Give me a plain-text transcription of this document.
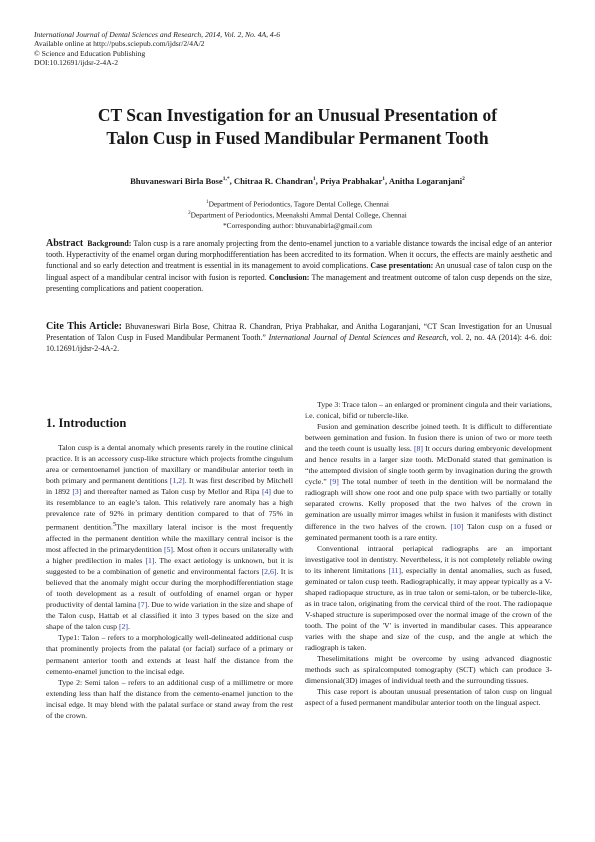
International Journal of Dental Sciences and Research, 2014, Vol. 2, No. 4A, 4-6
Available online at http://pubs.sciepub.com/ijdsr/2/4A/2
© Science and Education Publishing
DOI:10.12691/ijdsr-2-4A-2
CT Scan Investigation for an Unusual Presentation of
Talon Cusp in Fused Mandibular Permanent Tooth
Bhuvaneswari Birla Bose$^{1,*}$, Chitraa R. Chandran$^1$, Priya Prabhakar$^1$, Anitha Logaranjani$^2$
$^1$Department of Periodontics, Tagore Dental College, Chennai
$^2$Department of Periodontics, Meenakshi Ammal Dental College, Chennai
*Corresponding author: bhuvanabirla@gmail.com
Abstract Background: Talon cusp is a rare anomaly projecting from the dento-enamel junction to a variable distance towards the incisal edge of an anterior tooth. Hyperactivity of the enamel organ during morphodifferentiation has been accredited to its formation. When it occurs, the effects are mainly aesthetic and functional and so early detection and treatment is essential in its management to avoid complications. Case presentation: An unusual case of talon cusp on the lingual aspect of a mandibular central incisor with fusion is reported. Conclusion: The management and treatment outcome of talon cusp depends on the size, presenting complications and patient cooperation.
Cite This Article: Bhuvaneswari Birla Bose, Chitraa R. Chandran, Priya Prabhakar, and Anitha Logaranjani, “CT Scan Investigation for an Unusual Presentation of Talon Cusp in Fused Mandibular Permanent Tooth.” International Journal of Dental Sciences and Research, vol. 2, no. 4A (2014): 4-6. doi: 10.12691/ijdsr-2-4A-2.
1. Introduction

Talon cusp is a dental anomaly which presents rarely in the routine clinical practice. It is an accessory cusp-like structure which projects fromthe cingulum area or cementoenamel junction of maxillary or mandibular anterior teeth in both primary and permanent dentitions [1,2]. It was first described by Mitchell in 1892 [3] and thereafter named as Talon cusp by Mellor and Ripa [4] due to its resemblance to an eagle’s talon. This relatively rare anomaly has a high prevalence rate of 92% in primary dentition compared to that of 75% in permanent dentition.$^5$The maxillary lateral incisor is the most frequently affected in the permanent dentition while the maxillary central incisor is the most affected in the primarydentition [5]. Most often it occurs unilaterally with a higher predilection in males [1]. The exact aetiology is unknown, but it is suggested to be a combination of genetic and environmental factors [2,6]. It is believed that the anomaly might occur during the morphodifferentiation stage of tooth development as a result of outfolding of enamel organ or hyper productivity of dental lamina [7]. Due to wide variation in the size and shape of the Talon cusp, Hattab et al classified it into 3 types based on the size and shape of the talon cusp [2].

Type1: Talon – refers to a morphologically well-delineated additional cusp that prominently projects from the palatal (or facial) surface of a primary or permanent anterior tooth and extends at least half the distance from the cemento-enamel junction to the incisal edge.

Type 2: Semi talon – refers to an additional cusp of a millimetre or more extending less than half the distance from the cemento-enamel junction to the incisal edge. It may blend with the palatal surface or stand away from the rest of the crown.

Type 3: Trace talon – an enlarged or prominent cingula and their variations, i.e. conical, bifid or tubercle-like.

Fusion and gemination describe joined teeth. It is difficult to differentiate between gemination and fusion. In fusion there is union of two or more teeth and the teeth count is usually less. [8] It occurs during embryonic development and hence results in a larger size tooth. McDonald stated that gemination is “the attempted division of single tooth germ by invagination during the growth cycle.” [9] The total number of teeth in the dentition will be normaland the radiograph will show one root and one pulp space with two partially or totally separated crowns. Kelly proposed that the two halves of the crown in gemination are usually mirror images whilst in fusion it manifests with distinct difference in the two halves of the crown. [10] Talon cusp on a fused or geminated permanent tooth is a rare entity.

Conventional intraoral periapical radiographs are an important investigative tool in dentistry. Nevertheless, it is not completely reliable owing to its inherent limitations [11], especially in dental anomalies, such as fused, geminated or talon cusp teeth. Radiographically, it may appear typically as a V-shaped radiopaque structure, as in true talon or semi-talon, or be tubercle-like, as in trace talon, originating from the cervical third of the root. The radiopaque V-shaped structure is superimposed over the normal image of the crown of the tooth. The point of the 'V' is inverted in mandibular cases. This appearance varies with the shape and size of the cusp, and the angle at which the radiograph is taken.

Theselimitations might be overcome by using advanced diagnostic methods such as spiralcomputed tomography (SCT) which can produce 3-dimensional(3D) images of individual teeth and the surrounding tissues.

This case report is aboutan unusual presentation of talon cusp on lingual aspect of a fused permanent mandibular anterior tooth on the lingual aspect.
